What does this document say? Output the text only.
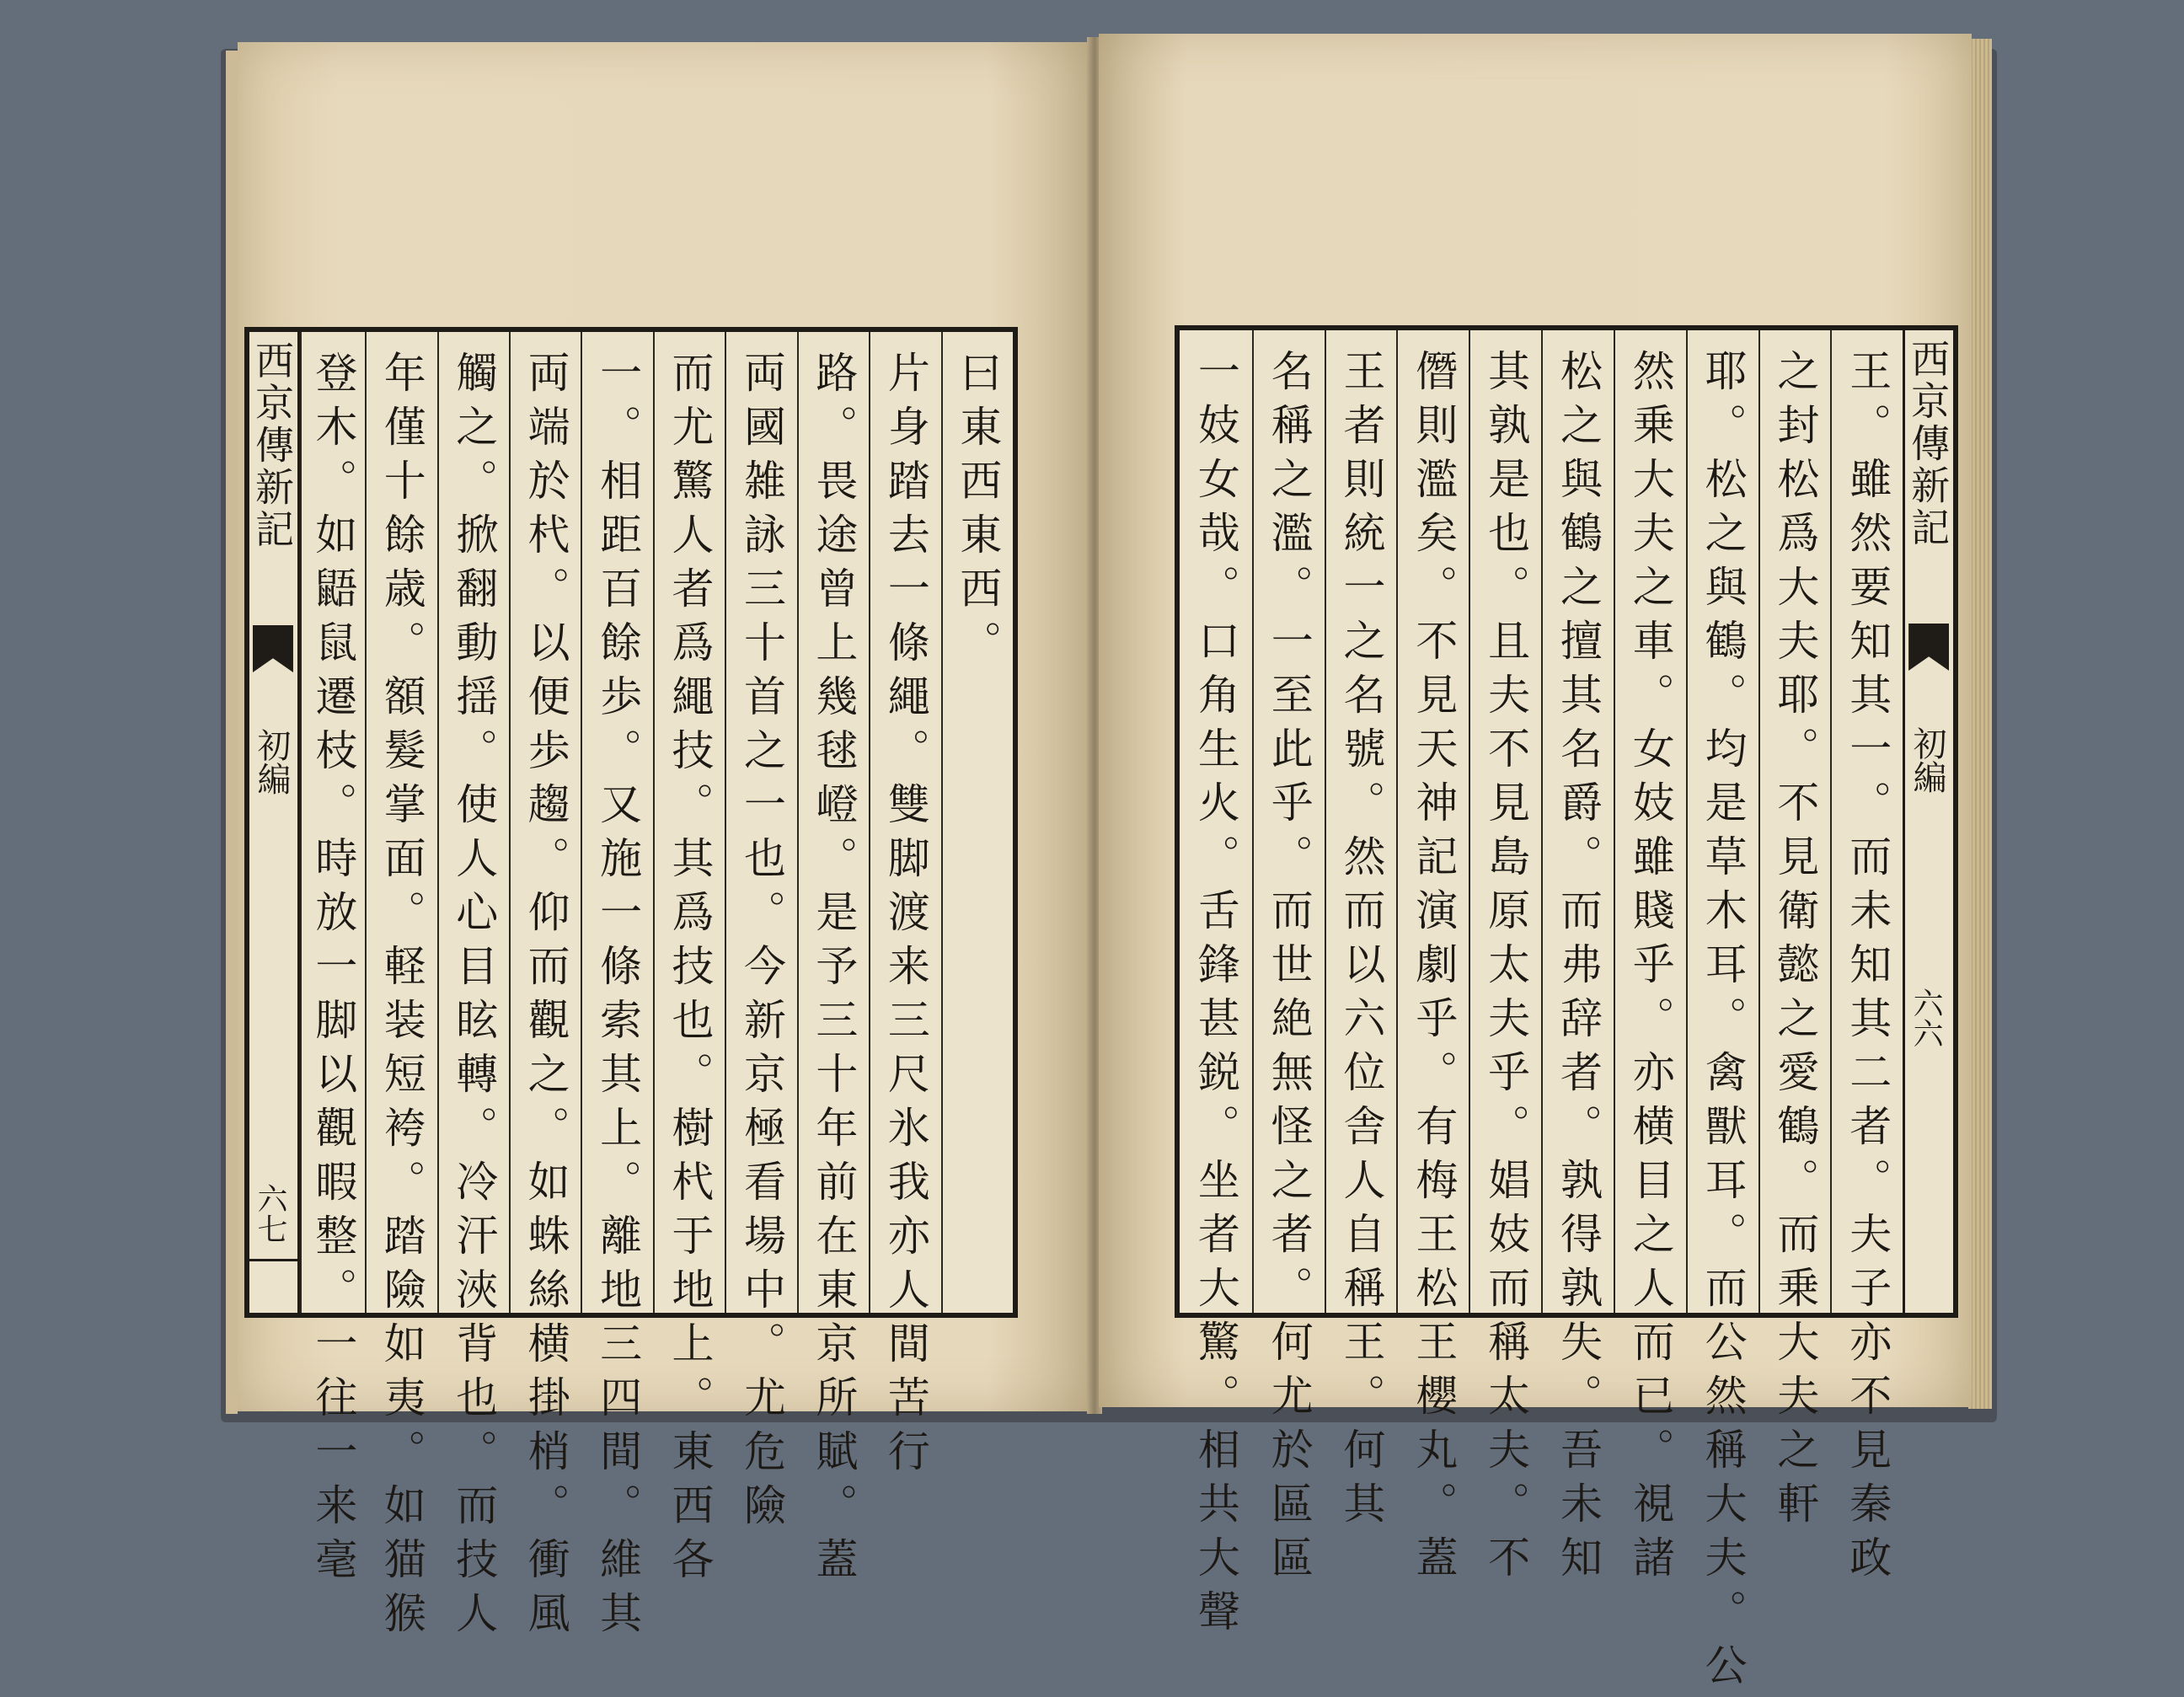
曰東西東西。
片身踏去一條繩。雙脚渡来三尺氷我亦人間苦行
路。畏途曾上幾毬嶝。是予三十年前在東京所賦。蓋
両國雑詠三十首之一也。今新京極看場中。尤危險
而尤驚人者爲繩技。其爲技也。樹杙于地上。東西各
一。相距百餘歩。又施一條索其上。離地三四間。維其
両端於杙。以便歩趨。仰而觀之。如蛛絲横掛梢。衝風
觸之。掀翻動揺。使人心目眩轉。冷汗浹背也。而技人
年僅十餘歳。額髮掌面。軽装短袴。踏險如夷。如猫猴
登木。如鼯鼠遷枝。時放一脚以觀暇整。一往一来毫
西京傳新記
初編
六七
西京傳新記
初編
六六
王。雖然要知其一。而未知其二者。夫子亦不見秦政
之封松爲大夫耶。不見衛懿之愛鶴。而乗大夫之軒
耶。松之與鶴。均是草木耳。禽獸耳。而公然稱大夫。公
然乗大夫之車。女妓雖賤乎。亦横目之人而已。視諸
松之與鶴之擅其名爵。而弗辞者。孰得孰失。吾未知
其孰是也。且夫不見島原太夫乎。娼妓而稱太夫。不
僭則濫矣。不見天神記演劇乎。有梅王松王櫻丸。蓋
王者則統一之名號。然而以六位舎人自稱王。何其
名稱之濫。一至此乎。而世絶無怪之者。何尤於區區
一妓女哉。口角生火。舌鋒甚鋭。坐者大驚。相共大聲
